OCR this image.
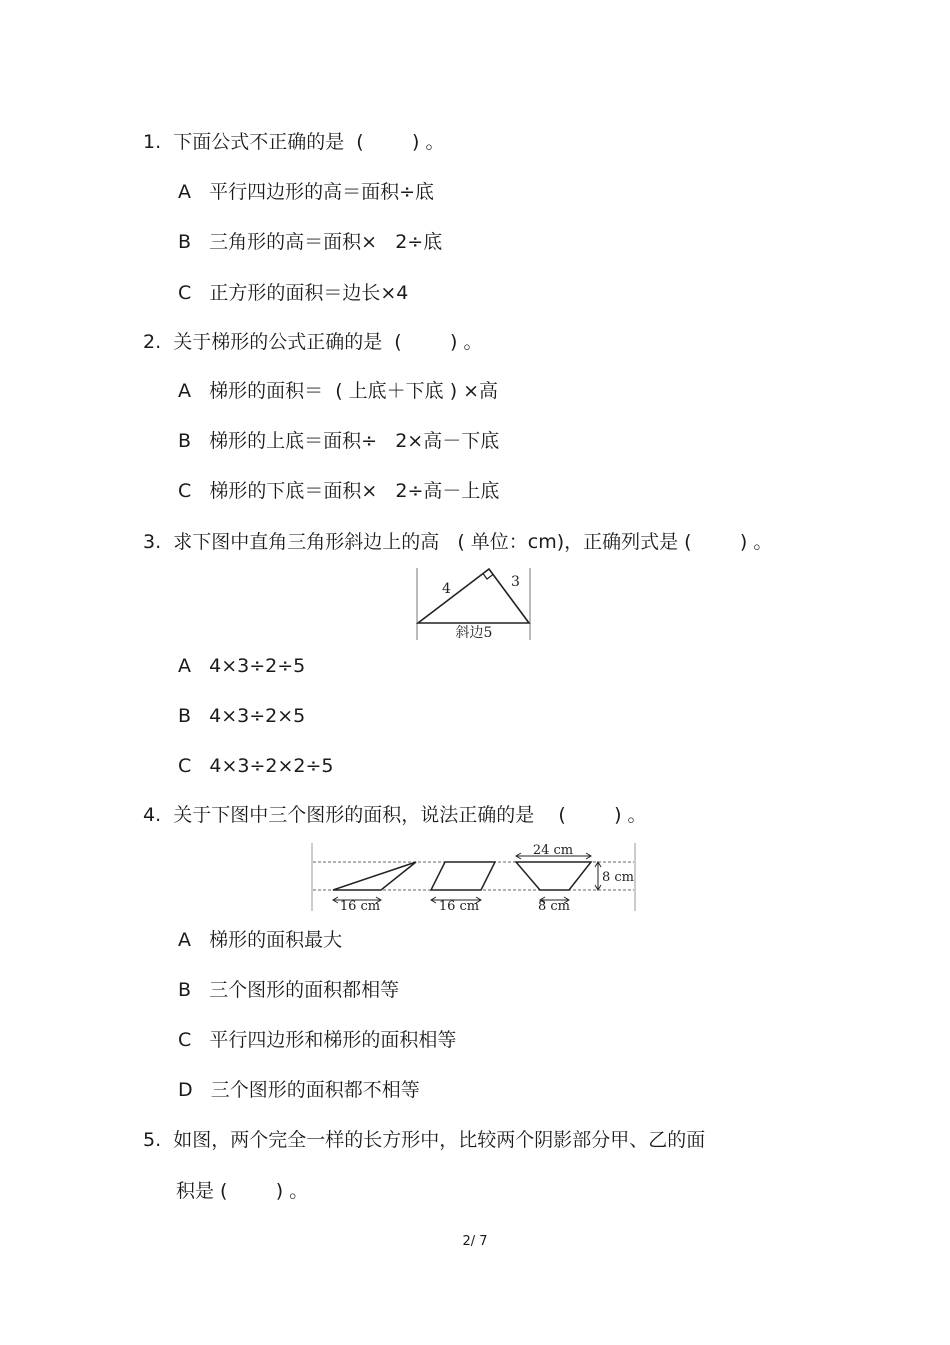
1.  下面公式不正确的是  (        ) 。
A   平行四边形的高＝面积÷底
B   三角形的高＝面积×   2÷底
C   正方形的面积＝边长×4
2.  关于梯形的公式正确的是  (        ) 。
A   梯形的面积＝  ( 上底＋下底 ) ×高
B   梯形的上底＝面积÷   2×高－下底
C   梯形的下底＝面积×   2÷高－上底
3.  求下图中直角三角形斜边上的高   ( 单位：cm)，正确列式是 (        ) 。
4	3
斜边5
A   4×3÷2÷5
B   4×3÷2×5
C   4×3÷2×2÷5
4.  关于下图中三个图形的面积，说法正确的是    (        ) 。
16 cm	16 cm
24 cm
8 cm
8 cm
A   梯形的面积最大
B   三个图形的面积都相等
C   平行四边形和梯形的面积相等
D   三个图形的面积都不相等
5.  如图，两个完全一样的长方形中，比较两个阴影部分甲、乙的面
积是 (        ) 。
2/ 7
